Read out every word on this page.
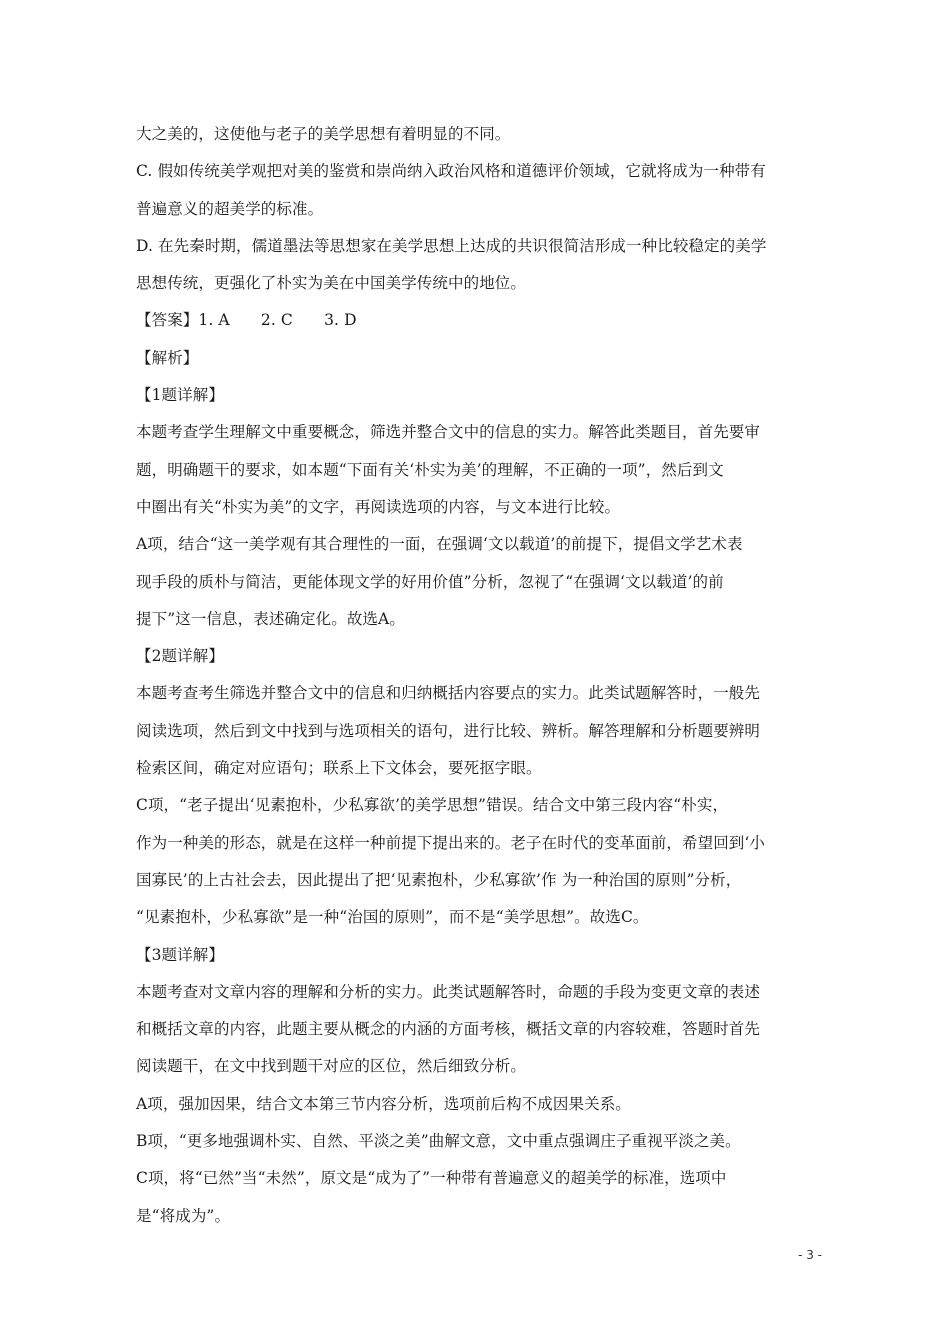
大之美的，这使他与老子的美学思想有着明显的不同。
C. 假如传统美学观把对美的鉴赏和崇尚纳入政治风格和道德评价领域，它就将成为一种带有
普遍意义的超美学的标准。
D. 在先秦时期，儒道墨法等思想家在美学思想上达成的共识很简洁形成一种比较稳定的美学
思想传统，更强化了朴实为美在中国美学传统中的地位。
【答案】1. A　　2. C　　3. D
【解析】
【1题详解】
本题考查学生理解文中重要概念，筛选并整合文中的信息的实力。解答此类题目，首先要审
题，明确题干的要求，如本题“下面有关‘朴实为美’的理解，不正确的一项”，然后到文
中圈出有关“朴实为美”的文字，再阅读选项的内容，与文本进行比较。
A项，结合“这一美学观有其合理性的一面，在强调‘文以载道’的前提下，提倡文学艺术表
现手段的质朴与简洁，更能体现文学的好用价值”分析，忽视了“在强调‘文以载道’的前
提下”这一信息，表述确定化。故选A。
【2题详解】
本题考查考生筛选并整合文中的信息和归纳概括内容要点的实力。此类试题解答时，一般先
阅读选项，然后到文中找到与选项相关的语句，进行比较、辨析。解答理解和分析题要辨明
检索区间，确定对应语句；联系上下文体会，要死抠字眼。
C项，“老子提出‘见素抱朴，少私寡欲’的美学思想”错误。结合文中第三段内容“朴实，
作为一种美的形态，就是在这样一种前提下提出来的。老子在时代的变革面前，希望回到‘小
国寡民’的上古社会去，因此提出了把‘见素抱朴，少私寡欲’作 为一种治国的原则”分析，
“见素抱朴，少私寡欲”是一种“治国的原则”，而不是“美学思想”。故选C。
【3题详解】
本题考查对文章内容的理解和分析的实力。此类试题解答时，命题的手段为变更文章的表述
和概括文章的内容，此题主要从概念的内涵的方面考核，概括文章的内容较难，答题时首先
阅读题干，在文中找到题干对应的区位，然后细致分析。
A项，强加因果，结合文本第三节内容分析，选项前后构不成因果关系。
B项，“更多地强调朴实、自然、平淡之美”曲解文意，文中重点强调庄子重视平淡之美。
C项，将“已然”当“未然”，原文是“成为了”一种带有普遍意义的超美学的标准，选项中
是“将成为”。
- 3 -
